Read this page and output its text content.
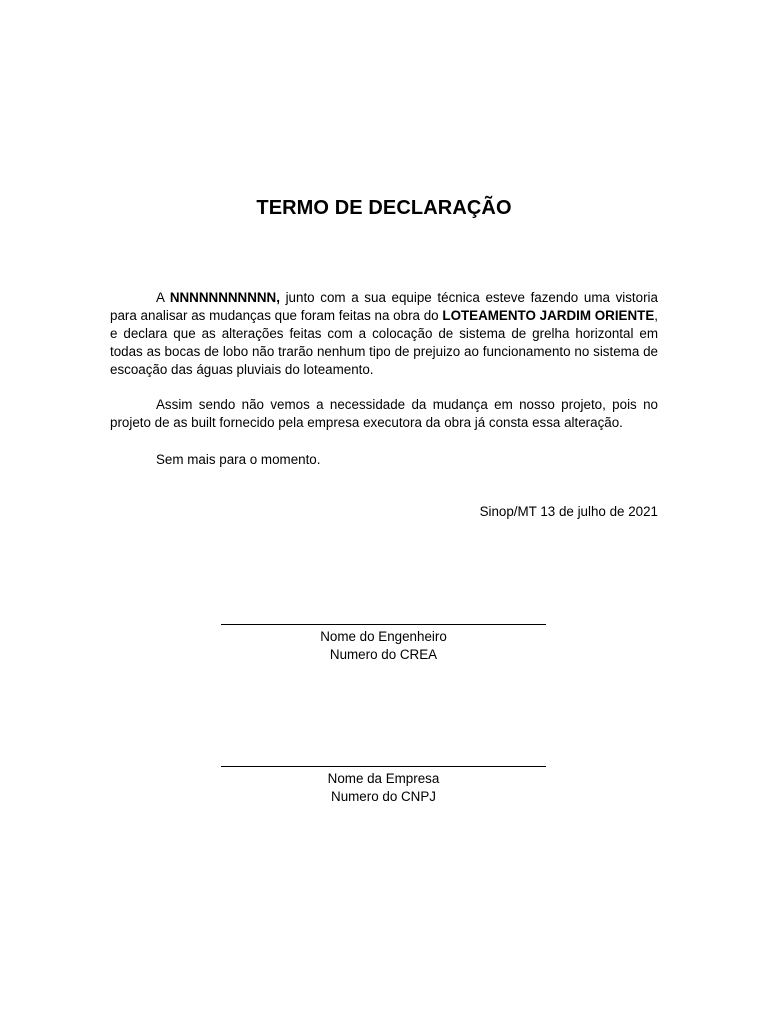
TERMO DE DECLARAÇÃO

A NNNNNNNNNNN, junto com a sua equipe técnica esteve fazendo uma vistoria para analisar as mudanças que foram feitas na obra do LOTEAMENTO JARDIM ORIENTE, e declara que as alterações feitas com a colocação de sistema de grelha horizontal em todas as bocas de lobo não trarão nenhum tipo de prejuizo ao funcionamento no sistema de escoação das águas pluviais do loteamento.

Assim sendo não vemos a necessidade da mudança em nosso projeto, pois no projeto de as built fornecido pela empresa executora da obra já consta essa alteração.

Sem mais para o momento.

Sinop/MT 13 de julho de 2021
Nome do Engenheiro
Numero do CREA
Nome da Empresa
Numero do CNPJ
